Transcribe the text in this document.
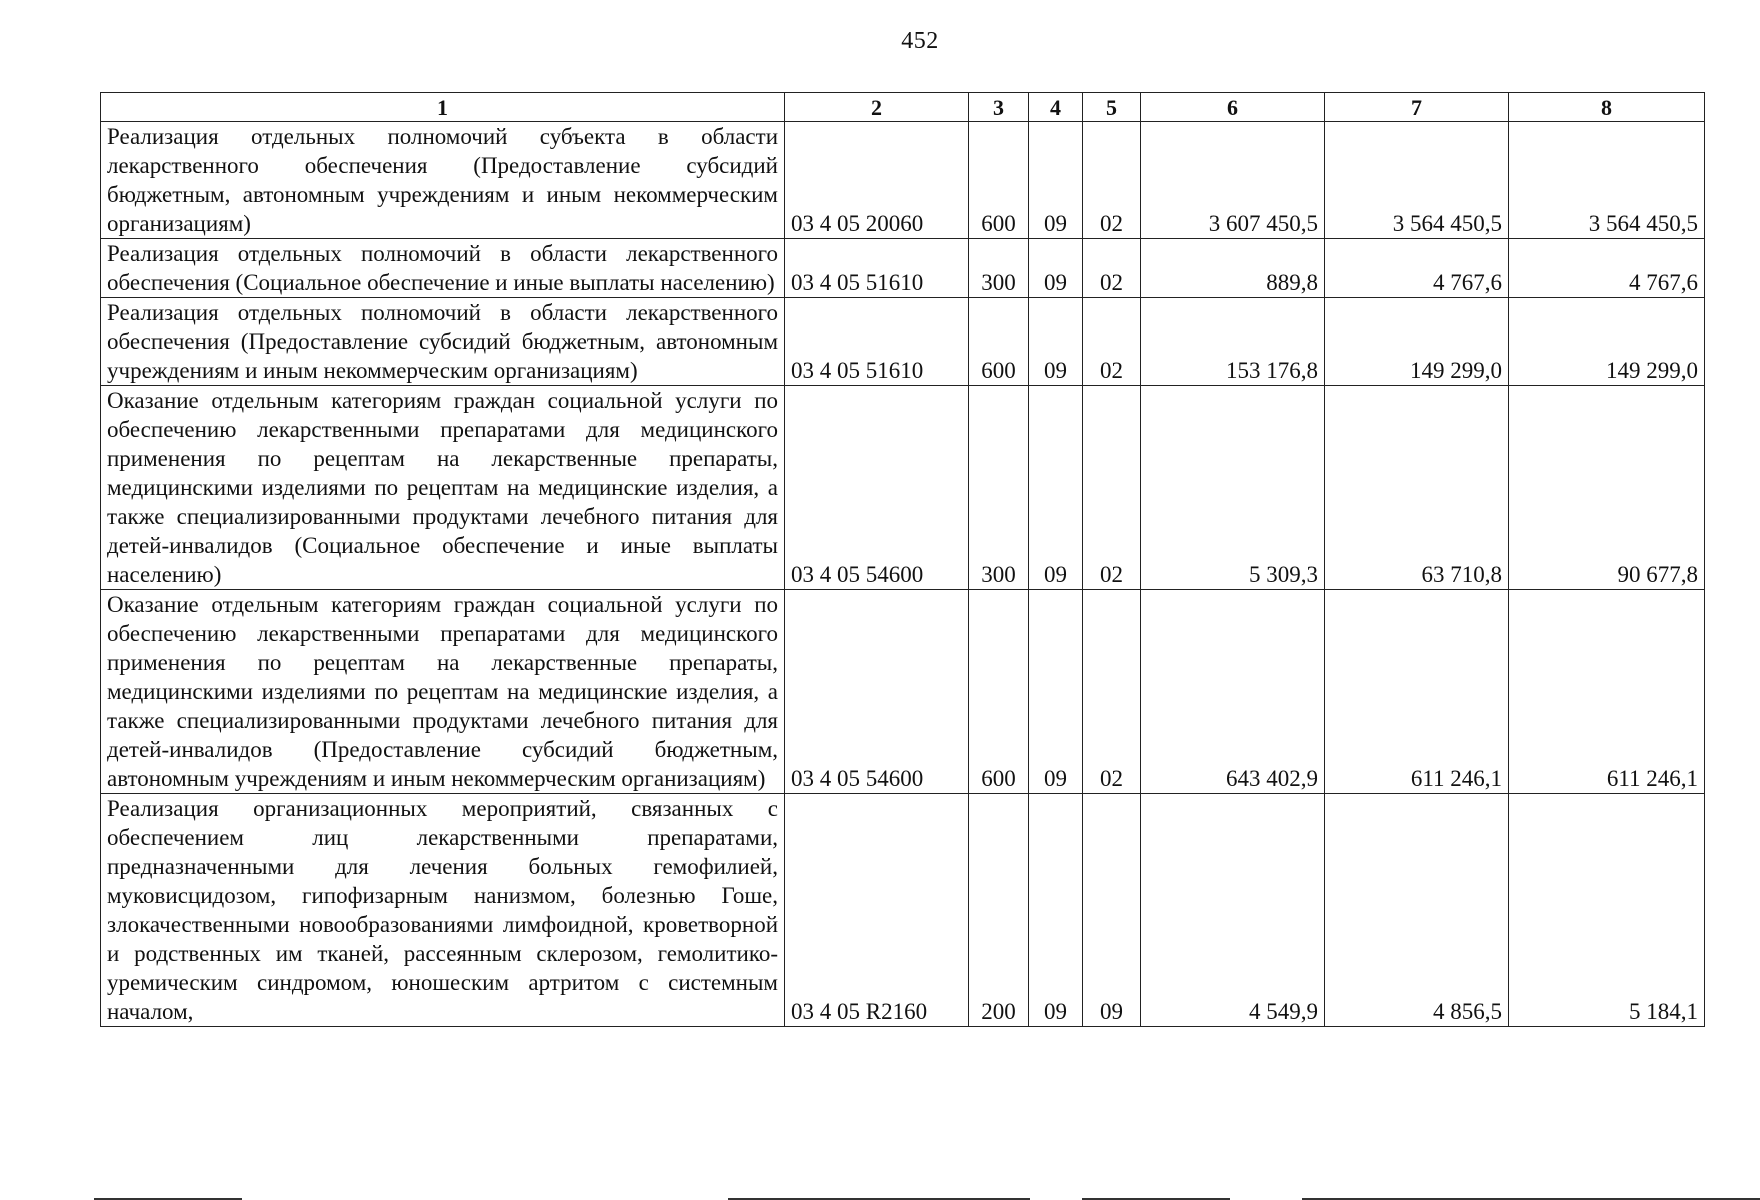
452
1	2	3	4	5	6	7	8
Реализация отдельных полномочий субъекта в области лекарственного обеспечения (Предоставление субсидий бюджетным, автономным учреждениям и иным некоммерческим организациям)	03 4 05 20060	600	09	02	3 607 450,5	3 564 450,5	3 564 450,5
Реализация отдельных полномочий в области лекарственного обеспечения (Социальное обеспечение и иные выплаты населению)	03 4 05 51610	300	09	02	889,8	4 767,6	4 767,6
Реализация отдельных полномочий в области лекарственного обеспечения (Предоставление субсидий бюджетным, автономным учреждениям и иным некоммерческим организациям)	03 4 05 51610	600	09	02	153 176,8	149 299,0	149 299,0
Оказание отдельным категориям граждан социальной услуги по обеспечению лекарственными препаратами для медицинского применения по рецептам на лекарственные препараты, медицинскими изделиями по рецептам на медицинские изделия, а также специализированными продуктами лечебного питания для детей-инвалидов (Социальное обеспечение и иные выплаты населению)	03 4 05 54600	300	09	02	5 309,3	63 710,8	90 677,8
Оказание отдельным категориям граждан социальной услуги по обеспечению лекарственными препаратами для медицинского применения по рецептам на лекарственные препараты, медицинскими изделиями по рецептам на медицинские изделия, а также специализированными продуктами лечебного питания для детей-инвалидов (Предоставление субсидий бюджетным, автономным учреждениям и иным некоммерческим организациям)	03 4 05 54600	600	09	02	643 402,9	611 246,1	611 246,1
Реализация организационных мероприятий, связанных с обеспечением лиц лекарственными препаратами, предназначенными для лечения больных гемофилией, муковисцидозом, гипофизарным нанизмом, болезнью Гоше, злокачественными новообразованиями лимфоидной, кроветворной и родственных им тканей, рассеянным склерозом, гемолитико-уремическим синдромом, юношеским артритом с системным началом,	03 4 05 R2160	200	09	09	4 549,9	4 856,5	5 184,1
